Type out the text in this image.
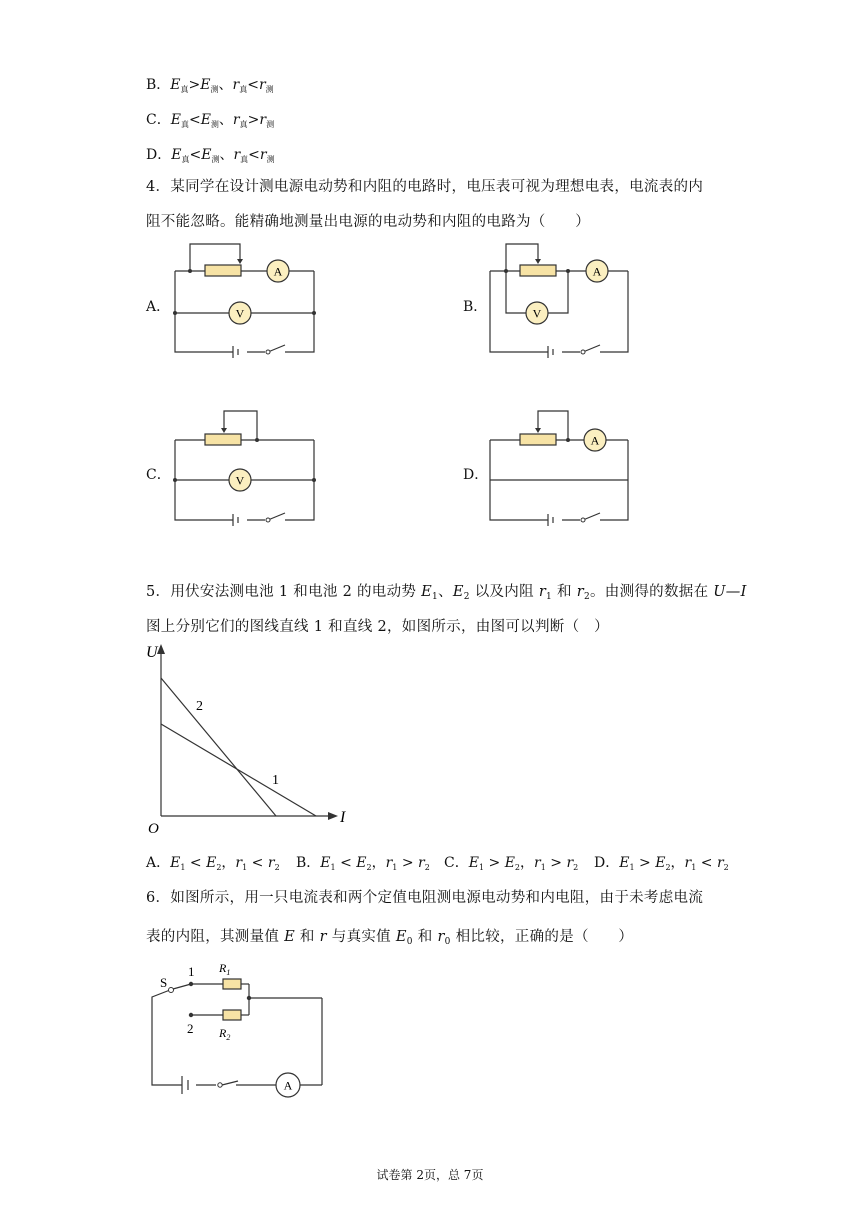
B．$E_真>E_测$、$r_真<r_测$
C．$E_真<E_测$、$r_真>r_测$
D．$E_真<E_测$、$r_真<r_测$
4．某同学在设计测电源电动势和内阻的电路时，电压表可视为理想电表，电流表的内
阻不能忽略。能精确地测量出电源的电动势和内阻的电路为（　　）
A．	B．
C．	D．
A
V
A
V
V
A
5．用伏安法测电池 1 和电池 2 的电动势 $E_1$、$E_2$ 以及内阻 $r_1$ 和 $r_2$。由测得的数据在 U—I
图上分别它们的图线直线 1 和直线 2，如图所示，由图可以判断（　）
U
I
O
2
1
A．$E_1 < E_2$，$r_1 < r_2$ B．$E_1 < E_2$，$r_1 > r_2$ C．$E_1 > E_2$，$r_1 > r_2$ D．$E_1 > E_2$，$r_1 < r_2$
6．如图所示，用一只电流表和两个定值电阻测电源电动势和内电阻，由于未考虑电流
表的内阻，其测量值 E 和 r 与真实值 $E_0$ 和 $r_0$ 相比较，正确的是（　　）
A
S
1
2
$R_1$
$R_2$
试卷第 2页，总 7页
